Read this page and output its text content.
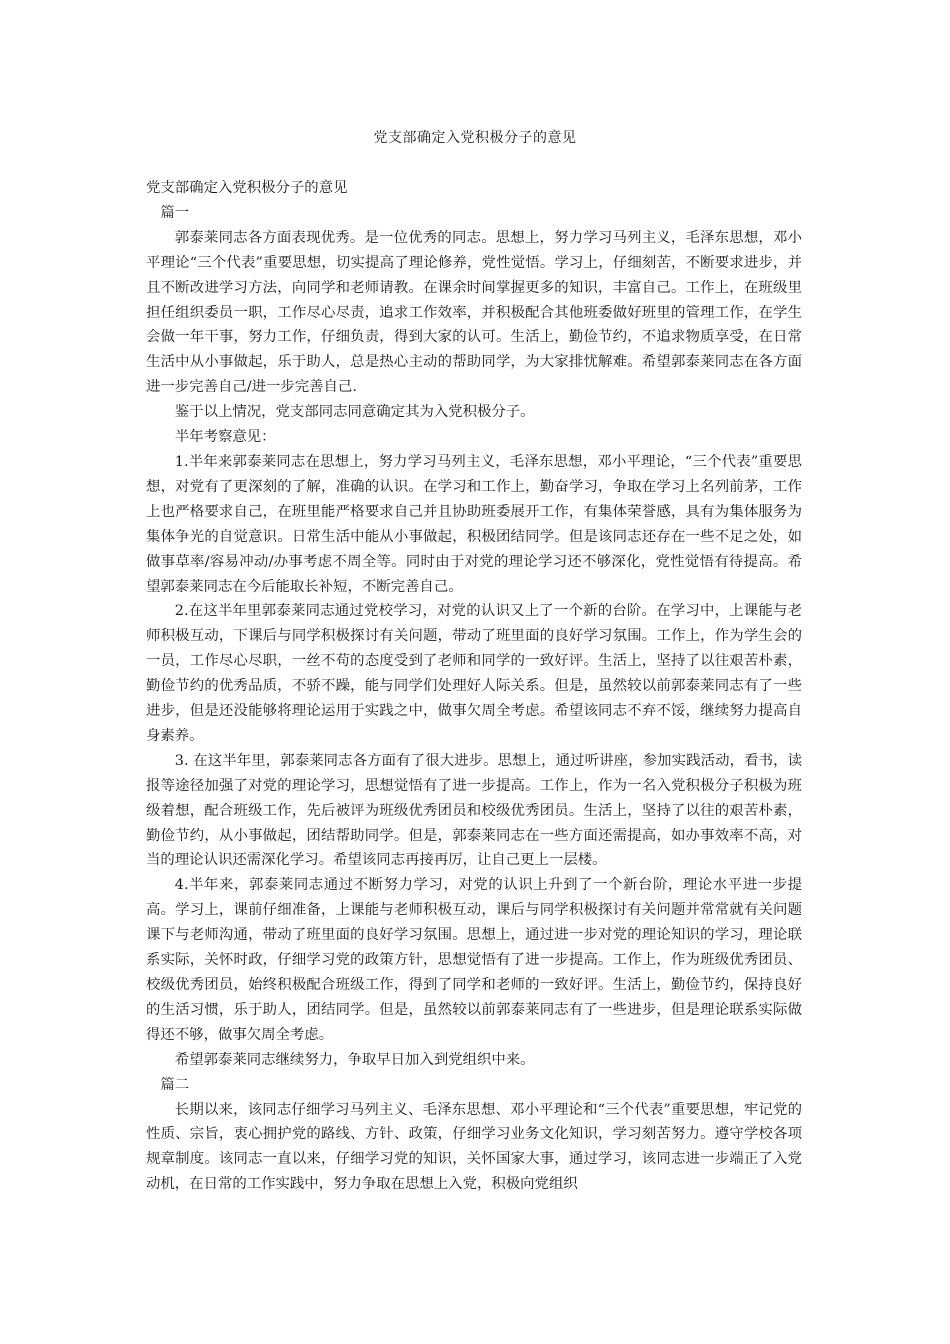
党支部确定入党积极分子的意见

党支部确定入党积极分子的意见

篇一

郭泰莱同志各方面表现优秀。是一位优秀的同志。思想上，努力学习马列主义，毛泽东思想，邓小平理论“三个代表”重要思想，切实提高了理论修养，党性觉悟。学习上，仔细刻苦，不断要求进步，并且不断改进学习方法，向同学和老师请教。在课余时间掌握更多的知识，丰富自己。工作上，在班级里担任组织委员一职，工作尽心尽责，追求工作效率，并积极配合其他班委做好班里的管理工作，在学生会做一年干事，努力工作，仔细负责，得到大家的认可。生活上，勤俭节约，不追求物质享受，在日常生活中从小事做起，乐于助人，总是热心主动的帮助同学，为大家排忧解难。希望郭泰莱同志在各方面进一步完善自己/进一步完善自己.

鉴于以上情况，党支部同志同意确定其为入党积极分子。

半年考察意见：

1.半年来郭泰莱同志在思想上，努力学习马列主义，毛泽东思想，邓小平理论，“三个代表”重要思想，对党有了更深刻的了解，准确的认识。在学习和工作上，勤奋学习，争取在学习上名列前茅，工作上也严格要求自己，在班里能严格要求自己并且协助班委展开工作，有集体荣誉感，具有为集体服务为集体争光的自觉意识。日常生活中能从小事做起，积极团结同学。但是该同志还存在一些不足之处，如做事草率/容易冲动/办事考虑不周全等。同时由于对党的理论学习还不够深化，党性觉悟有待提高。希望郭泰莱同志在今后能取长补短，不断完善自己。

2.在这半年里郭泰莱同志通过党校学习，对党的认识又上了一个新的台阶。在学习中，上课能与老师积极互动，下课后与同学积极探讨有关问题，带动了班里面的良好学习氛围。工作上，作为学生会的一员，工作尽心尽职，一丝不苟的态度受到了老师和同学的一致好评。生活上，坚持了以往艰苦朴素，勤俭节约的优秀品质，不骄不躁，能与同学们处理好人际关系。但是，虽然较以前郭泰莱同志有了一些进步，但是还没能够将理论运用于实践之中，做事欠周全考虑。希望该同志不弃不馁，继续努力提高自身素养。

3. 在这半年里，郭泰莱同志各方面有了很大进步。思想上，通过听讲座，参加实践活动，看书，读报等途径加强了对党的理论学习，思想觉悟有了进一步提高。工作上，作为一名入党积极分子积极为班级着想，配合班级工作，先后被评为班级优秀团员和校级优秀团员。生活上，坚持了以往的艰苦朴素，勤俭节约，从小事做起，团结帮助同学。但是，郭泰莱同志在一些方面还需提高，如办事效率不高，对当的理论认识还需深化学习。希望该同志再接再厉，让自己更上一层楼。

4.半年来，郭泰莱同志通过不断努力学习，对党的认识上升到了一个新台阶，理论水平进一步提高。学习上，课前仔细准备，上课能与老师积极互动，课后与同学积极探讨有关问题并常常就有关问题课下与老师沟通，带动了班里面的良好学习氛围。思想上，通过进一步对党的理论知识的学习，理论联系实际，关怀时政，仔细学习党的政策方针，思想觉悟有了进一步提高。工作上，作为班级优秀团员、校级优秀团员，始终积极配合班级工作，得到了同学和老师的一致好评。生活上，勤俭节约，保持良好的生活习惯，乐于助人，团结同学。但是，虽然较以前郭泰莱同志有了一些进步，但是理论联系实际做得还不够，做事欠周全考虑。

希望郭泰莱同志继续努力，争取早日加入到党组织中来。

篇二

长期以来，该同志仔细学习马列主义、毛泽东思想、邓小平理论和“三个代表”重要思想，牢记党的性质、宗旨，衷心拥护党的路线、方针、政策，仔细学习业务文化知识，学习刻苦努力。遵守学校各项规章制度。该同志一直以来，仔细学习党的知识，关怀国家大事，通过学习，该同志进一步端正了入党动机，在日常的工作实践中，努力争取在思想上入党，积极向党组织
